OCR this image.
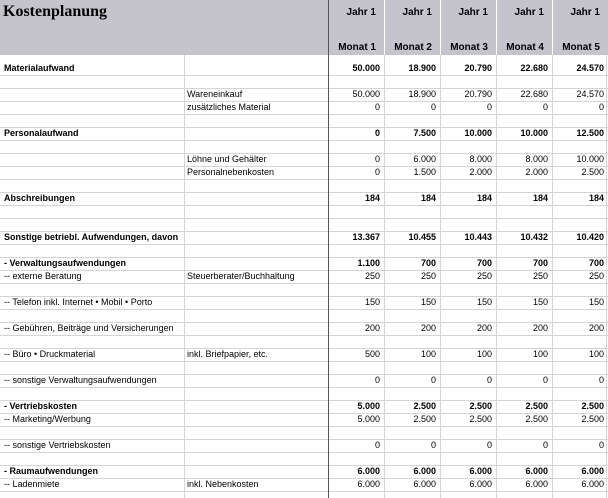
Kostenplanung	Jahr 1	Jahr 1	Jahr 1	Jahr 1	Jahr 1
Monat 1	Monat 2	Monat 3	Monat 4	Monat 5
Materialaufwand	50.000	18.900	20.790	22.680	24.570
Wareneinkauf	50.000	18.900	20.790	22.680	24.570
zusätzliches Material	0	0	0	0	0
Personalaufwand	0	7.500	10.000	10.000	12.500
Löhne und Gehälter	0	6.000	8.000	8.000	10.000
Personalnebenkosten	0	1.500	2.000	2.000	2.500
Abschreibungen	184	184	184	184	184
Sonstige betriebl. Aufwendungen, davon	13.367	10.455	10.443	10.432	10.420
- Verwaltungsaufwendungen	1.100	700	700	700	700
-- externe Beratung	Steuerberater/Buchhaltung	250	250	250	250	250
-- Telefon inkl. Internet • Mobil • Porto	150	150	150	150	150
-- Gebühren, Beiträge und Versicherungen	200	200	200	200	200
-- Büro • Druckmaterial	inkl. Briefpapier, etc.	500	100	100	100	100
-- sonstige Verwaltungsaufwendungen	0	0	0	0	0
- Vertriebskosten	5.000	2.500	2.500	2.500	2.500
-- Marketing/Werbung	5.000	2.500	2.500	2.500	2.500
-- sonstige Vertriebskosten	0	0	0	0	0
- Raumaufwendungen	6.000	6.000	6.000	6.000	6.000
-- Ladenmiete	inkl. Nebenkosten	6.000	6.000	6.000	6.000	6.000
